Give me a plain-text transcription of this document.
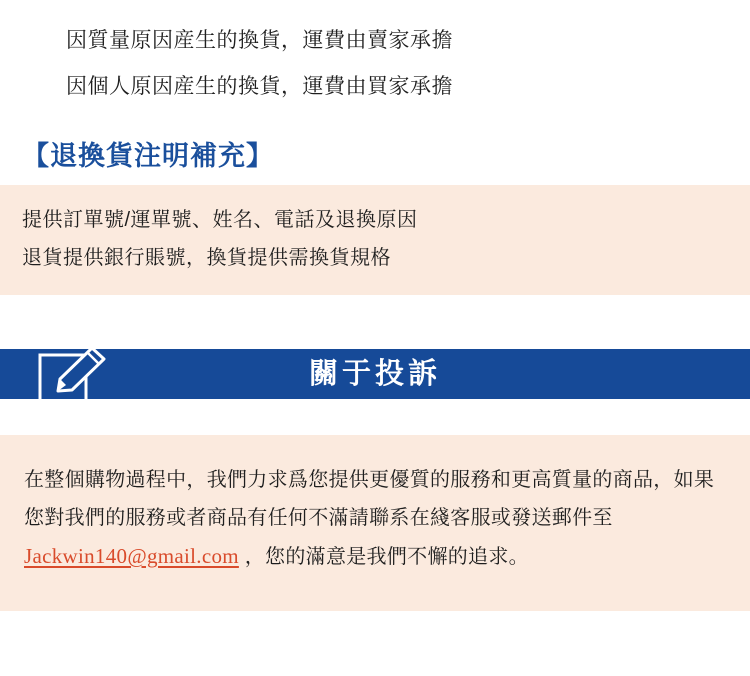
因質量原因産生的換貨，運費由賣家承擔
因個人原因産生的換貨，運費由買家承擔
【退換貨注明補充】
提供訂單號/運單號、姓名、電話及退換原因
退貨提供銀行賬號，換貨提供需換貨規格
關于投訴
在整個購物過程中，我們力求爲您提供更優質的服務和更高質量的商品，如果您對我們的服務或者商品有任何不滿請聯系在綫客服或發送郵件至 Jackwin140@gmail.com ，您的滿意是我們不懈的追求。
